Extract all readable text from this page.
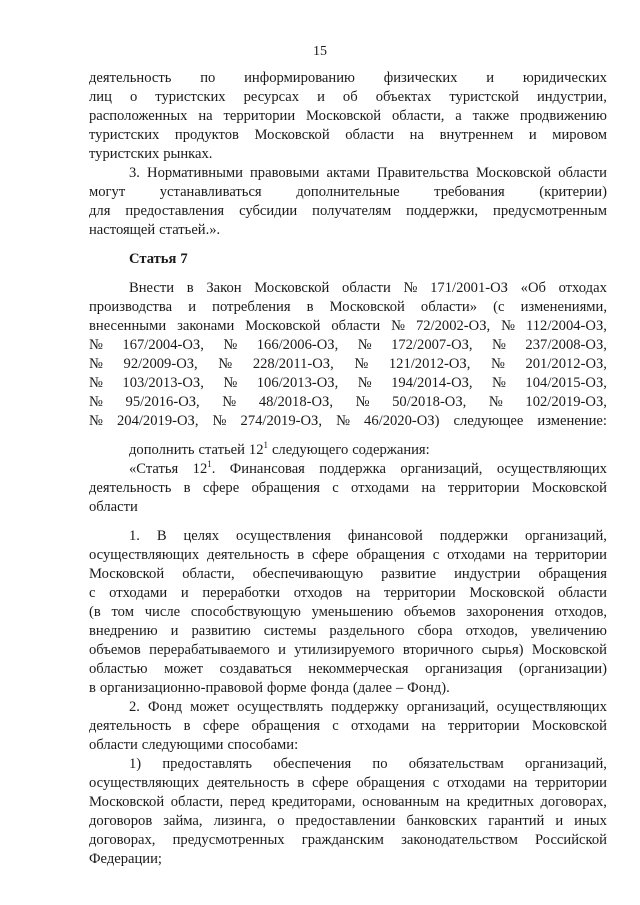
15
деятельность по информированию физических и юридических
лиц о туристских ресурсах и об объектах туристской индустрии,
расположенных на территории Московской области, а также продвижению
туристских продуктов Московской области на внутреннем и мировом
туристских рынках.
3. Нормативными правовыми актами Правительства Московской области
могут устанавливаться дополнительные требования (критерии)
для предоставления субсидии получателям поддержки, предусмотренным
настоящей статьей.».
Статья 7
Внести в Закон Московской области № 171/2001-ОЗ «Об отходах
производства и потребления в Московской области» (с изменениями,
внесенными законами Московской области № 72/2002-ОЗ, № 112/2004-ОЗ,
№ 167/2004-ОЗ, № 166/2006-ОЗ, № 172/2007-ОЗ, № 237/2008-ОЗ,
№ 92/2009-ОЗ, № 228/2011-ОЗ, № 121/2012-ОЗ, № 201/2012-ОЗ,
№ 103/2013-ОЗ, № 106/2013-ОЗ, № 194/2014-ОЗ, № 104/2015-ОЗ,
№ 95/2016-ОЗ, № 48/2018-ОЗ, № 50/2018-ОЗ, № 102/2019-ОЗ,
№ 204/2019-ОЗ, № 274/2019-ОЗ, № 46/2020-ОЗ) следующее изменение:
дополнить статьей $12^1$ следующего содержания:
«Статья $12^1$. Финансовая поддержка организаций, осуществляющих
деятельность в сфере обращения с отходами на территории Московской
области
1. В целях осуществления финансовой поддержки организаций,
осуществляющих деятельность в сфере обращения с отходами на территории
Московской области, обеспечивающую развитие индустрии обращения
с отходами и переработки отходов на территории Московской области
(в том числе способствующую уменьшению объемов захоронения отходов,
внедрению и развитию системы раздельного сбора отходов, увеличению
объемов перерабатываемого и утилизируемого вторичного сырья) Московской
областью может создаваться некоммерческая организация (организации)
в организационно-правовой форме фонда (далее – Фонд).
2. Фонд может осуществлять поддержку организаций, осуществляющих
деятельность в сфере обращения с отходами на территории Московской
области следующими способами:
1) предоставлять обеспечения по обязательствам организаций,
осуществляющих деятельность в сфере обращения с отходами на территории
Московской области, перед кредиторами, основанным на кредитных договорах,
договоров займа, лизинга, о предоставлении банковских гарантий и иных
договорах, предусмотренных гражданским законодательством Российской
Федерации;
